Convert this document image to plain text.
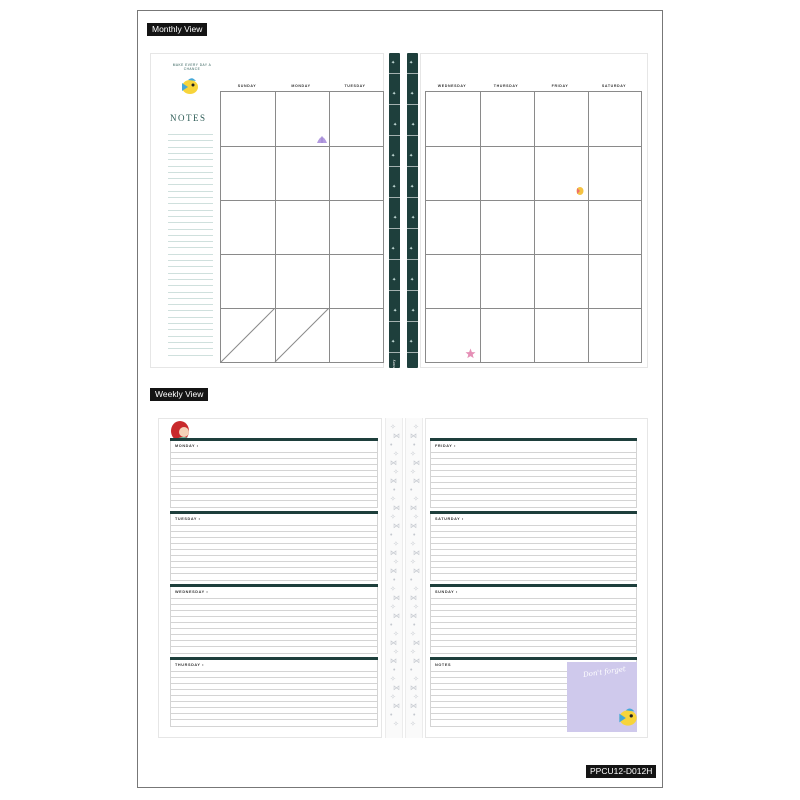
Monthly View
MAKE EVERY DAY A CHANCE
NOTES
SUNDAY	MONDAY	TUESDAY
✦
✦
✦
✦
✦
✦
✦
✦
✦
✦
✦
✦
✦
✦
✦
✦
✦
✦
✦
✦
WEDNESDAY	THURSDAY	FRIDAY	SATURDAY
Weekly View
MONDAY •
TUESDAY •
WEDNESDAY •
THURSDAY •
FRIDAY •
SATURDAY •
SUNDAY •
NOTES
✧
⋈
•
✧
⋈
✧
⋈
•
✧
⋈
✧
⋈
•
✧
⋈
✧
⋈
•
✧
⋈
✧
⋈
•
✧
⋈
✧
⋈
•
✧
⋈
✧
⋈
•
✧
✧
⋈
•
✧
⋈
✧
⋈
•
✧
⋈
✧
⋈
•
✧
⋈
✧
⋈
•
✧
⋈
✧
⋈
•
✧
⋈
✧
⋈
•
✧
⋈
✧
⋈
•
✧
Don't forget
PPCU12-D012H
Disney
